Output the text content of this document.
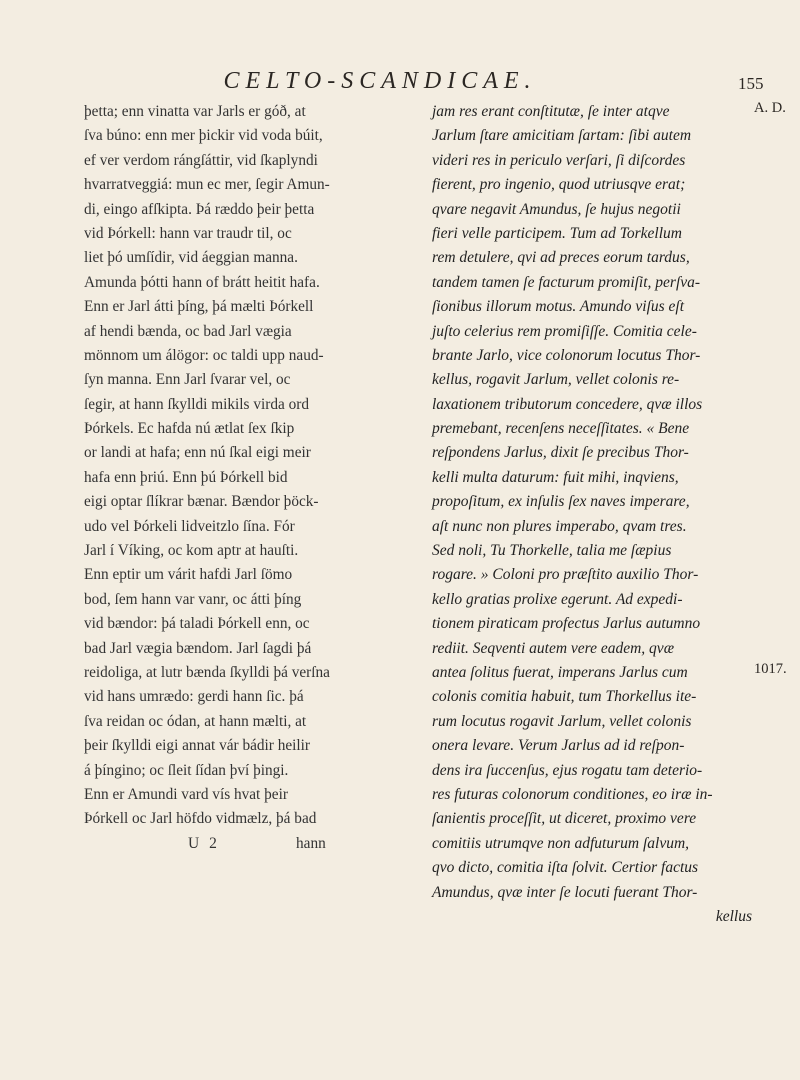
CELTO-SCANDICAE.	155
þetta; enn vinatta var Jarls er góð, at
ſva búno: enn mer þickir vid voda búit,
ef ver verdom rángſáttir, vid ſkaplyndi
hvarratveggiá: mun ec mer, ſegir Amun-
di, eingo afſkipta. Þá ræddo þeir þetta
vid Þórkell: hann var traudr til, oc
liet þó umſídir, vid áeggian manna.
Amunda þótti hann of brátt heitit hafa.
Enn er Jarl átti þíng, þá mælti Þórkell
af hendi bænda, oc bad Jarl vægia
mönnom um álögor: oc taldi upp naud-
ſyn manna. Enn Jarl ſvarar vel, oc
ſegir, at hann ſkylldi mikils virda ord
Þórkels. Ec hafda nú ætlat ſex ſkip
or landi at hafa; enn nú ſkal eigi meir
hafa enn þriú. Enn þú Þórkell bid
eigi optar ſlíkrar bænar. Bændor þöck-
udo vel Þórkeli lidveitzlo ſína. Fór
Jarl í Víking, oc kom aptr at hauſti.
Enn eptir um várit hafdi Jarl ſömo
bod, ſem hann var vanr, oc átti þíng
vid bændor: þá taladi Þórkell enn, oc
bad Jarl vægia bændom. Jarl ſagdi þá
reidoliga, at lutr bænda ſkylldi þá verſna
vid hans umrædo: gerdi hann ſic. þá
ſva reidan oc ódan, at hann mælti, at
þeir ſkylldi eigi annat vár bádir heilir
á þíngino; oc ſleit ſídan því þingi.
Enn er Amundi vard vís hvat þeir
Þórkell oc Jarl höfdo vidmælz, þá bad
U 2	hann
jam res erant conſtitutæ, ſe inter atqve
Jarlum ſtare amicitiam ſartam: ſibi autem
videri res in periculo verſari, ſi diſcordes
fierent, pro ingenio, quod utriusqve erat;
qvare negavit Amundus, ſe hujus negotii
fieri velle participem. Tum ad Torkellum
rem detulere, qvi ad preces eorum tardus,
tandem tamen ſe facturum promiſit, perſva-
ſionibus illorum motus. Amundo viſus eſt
juſto celerius rem promiſiſſe. Comitia cele-
brante Jarlo, vice colonorum locutus Thor-
kellus, rogavit Jarlum, vellet colonis re-
laxationem tributorum concedere, qvæ illos
premebant, recenſens neceſſitates. « Bene
reſpondens Jarlus, dixit ſe precibus Thor-
kelli multa daturum: fuit mihi, inqviens,
propoſitum, ex inſulis ſex naves imperare,
aſt nunc non plures imperabo, qvam tres.
Sed noli, Tu Thorkelle, talia me ſæpius
rogare. » Coloni pro præſtito auxilio Thor-
kello gratias prolixe egerunt. Ad expedi-
tionem piraticam profectus Jarlus autumno
rediit. Seqventi autem vere eadem, qvæ
antea ſolitus fuerat, imperans Jarlus cum
colonis comitia habuit, tum Thorkellus ite-
rum locutus rogavit Jarlum, vellet colonis
onera levare. Verum Jarlus ad id reſpon-
dens ira ſuccenſus, ejus rogatu tam deterio-
res futuras colonorum conditiones, eo iræ in-
ſanientis proceſſit, ut diceret, proximo vere
comitiis utrumqve non adfuturum ſalvum,
qvo dicto, comitia iſta ſolvit. Certior factus
Amundus, qvæ inter ſe locuti fuerant Thor-
kellus
A. D.
1017.
